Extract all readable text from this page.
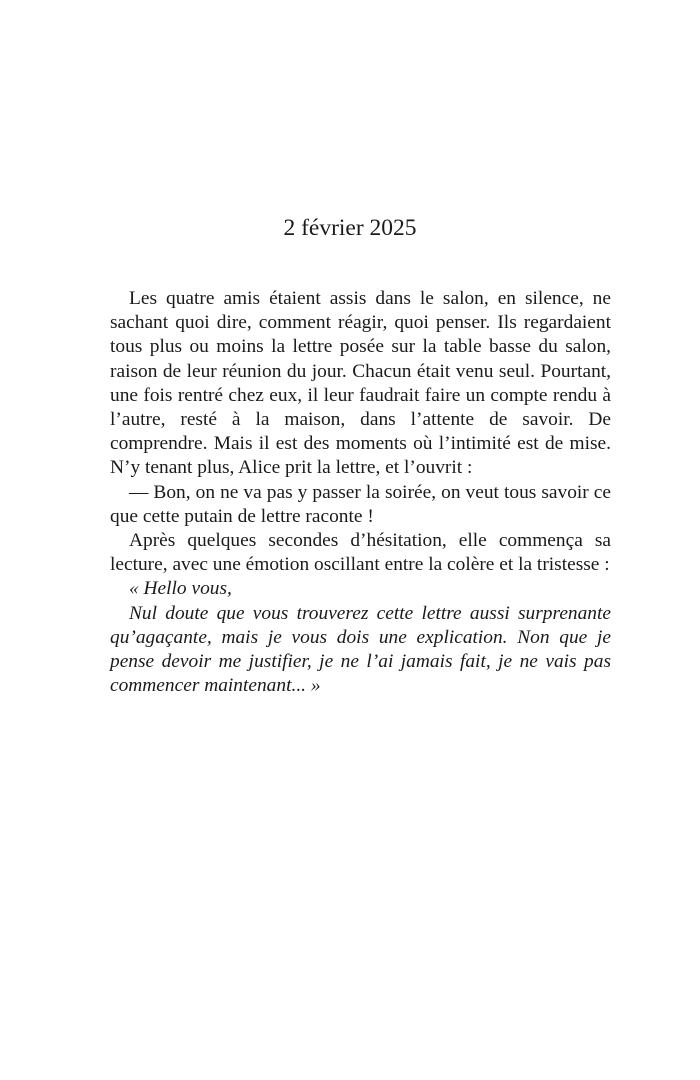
2 février 2025

Les quatre amis étaient assis dans le salon, en silence, ne sachant quoi dire, comment réagir, quoi penser. Ils regardaient tous plus ou moins la lettre posée sur la table basse du salon, raison de leur réunion du jour. Chacun était venu seul. Pourtant, une fois rentré chez eux, il leur faudrait faire un compte rendu à l’autre, resté à la maison, dans l’attente de savoir. De comprendre. Mais il est des moments où l’intimité est de mise. N’y tenant plus, Alice prit la lettre, et l’ouvrit :

— Bon, on ne va pas y passer la soirée, on veut tous savoir ce que cette putain de lettre raconte !

Après quelques secondes d’hésitation, elle commença sa lecture, avec une émotion oscillant entre la colère et la tristesse :

« Hello vous,

Nul doute que vous trouverez cette lettre aussi surprenante qu’agaçante, mais je vous dois une explication. Non que je pense devoir me justifier, je ne l’ai jamais fait, je ne vais pas commencer maintenant... »
